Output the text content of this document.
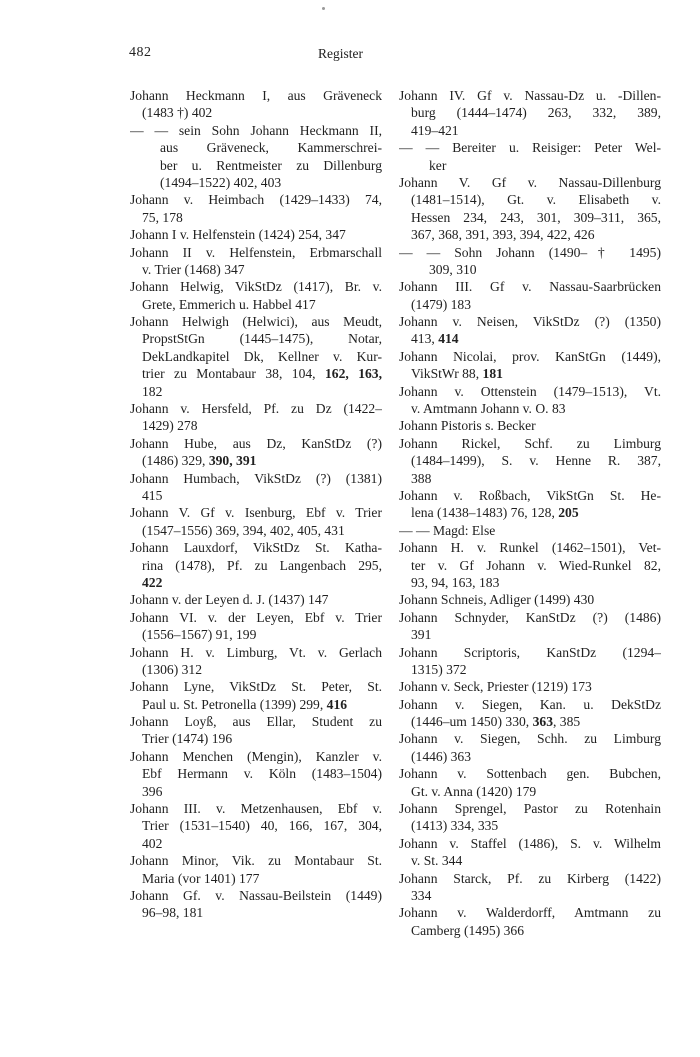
482	Register
Johann Heckmann I, aus Gräveneck
(1483 †) 402
— — sein Sohn Johann Heckmann II,
aus Gräveneck, Kammerschrei-
ber u. Rentmeister zu Dillenburg
(1494–1522) 402, 403
Johann v. Heimbach (1429–1433) 74,
75, 178
Johann I v. Helfenstein (1424) 254, 347
Johann II v. Helfenstein, Erbmarschall
v. Trier (1468) 347
Johann Helwig, VikStDz (1417), Br. v.
Grete, Emmerich u. Habbel 417
Johann Helwigh (Helwici), aus Meudt,
PropstStGn (1445–1475), Notar,
DekLandkapitel Dk, Kellner v. Kur-
trier zu Montabaur 38, 104, 162, 163,
182
Johann v. Hersfeld, Pf. zu Dz (1422–
1429) 278
Johann Hube, aus Dz, KanStDz (?)
(1486) 329, 390, 391
Johann Humbach, VikStDz (?) (1381)
415
Johann V. Gf v. Isenburg, Ebf v. Trier
(1547–1556) 369, 394, 402, 405, 431
Johann Lauxdorf, VikStDz St. Katha-
rina (1478), Pf. zu Langenbach 295,
422
Johann v. der Leyen d. J. (1437) 147
Johann VI. v. der Leyen, Ebf v. Trier
(1556–1567) 91, 199
Johann H. v. Limburg, Vt. v. Gerlach
(1306) 312
Johann Lyne, VikStDz St. Peter, St.
Paul u. St. Petronella (1399) 299, 416
Johann Loyß, aus Ellar, Student zu
Trier (1474) 196
Johann Menchen (Mengin), Kanzler v.
Ebf Hermann v. Köln (1483–1504)
396
Johann III. v. Metzenhausen, Ebf v.
Trier (1531–1540) 40, 166, 167, 304,
402
Johann Minor, Vik. zu Montabaur St.
Maria (vor 1401) 177
Johann Gf. v. Nassau-Beilstein (1449)
96–98, 181
Johann IV. Gf v. Nassau-Dz u. -Dillen-
burg (1444–1474) 263, 332, 389,
419–421
— — Bereiter u. Reisiger: Peter Wel-
ker
Johann V. Gf v. Nassau-Dillenburg
(1481–1514), Gt. v. Elisabeth v.
Hessen 234, 243, 301, 309–311, 365,
367, 368, 391, 393, 394, 422, 426
— — Sohn Johann (1490–† 1495)
309, 310
Johann III. Gf v. Nassau-Saarbrücken
(1479) 183
Johann v. Neisen, VikStDz (?) (1350)
413, 414
Johann Nicolai, prov. KanStGn (1449),
VikStWr 88, 181
Johann v. Ottenstein (1479–1513), Vt.
v. Amtmann Johann v. O. 83
Johann Pistoris s. Becker
Johann Rickel, Schf. zu Limburg
(1484–1499), S. v. Henne R. 387,
388
Johann v. Roßbach, VikStGn St. He-
lena (1438–1483) 76, 128, 205
— — Magd: Else
Johann H. v. Runkel (1462–1501), Vet-
ter v. Gf Johann v. Wied-Runkel 82,
93, 94, 163, 183
Johann Schneis, Adliger (1499) 430
Johann Schnyder, KanStDz (?) (1486)
391
Johann Scriptoris, KanStDz (1294–
1315) 372
Johann v. Seck, Priester (1219) 173
Johann v. Siegen, Kan. u. DekStDz
(1446–um 1450) 330, 363, 385
Johann v. Siegen, Schh. zu Limburg
(1446) 363
Johann v. Sottenbach gen. Bubchen,
Gt. v. Anna (1420) 179
Johann Sprengel, Pastor zu Rotenhain
(1413) 334, 335
Johann v. Staffel (1486), S. v. Wilhelm
v. St. 344
Johann Starck, Pf. zu Kirberg (1422)
334
Johann v. Walderdorff, Amtmann zu
Camberg (1495) 366
